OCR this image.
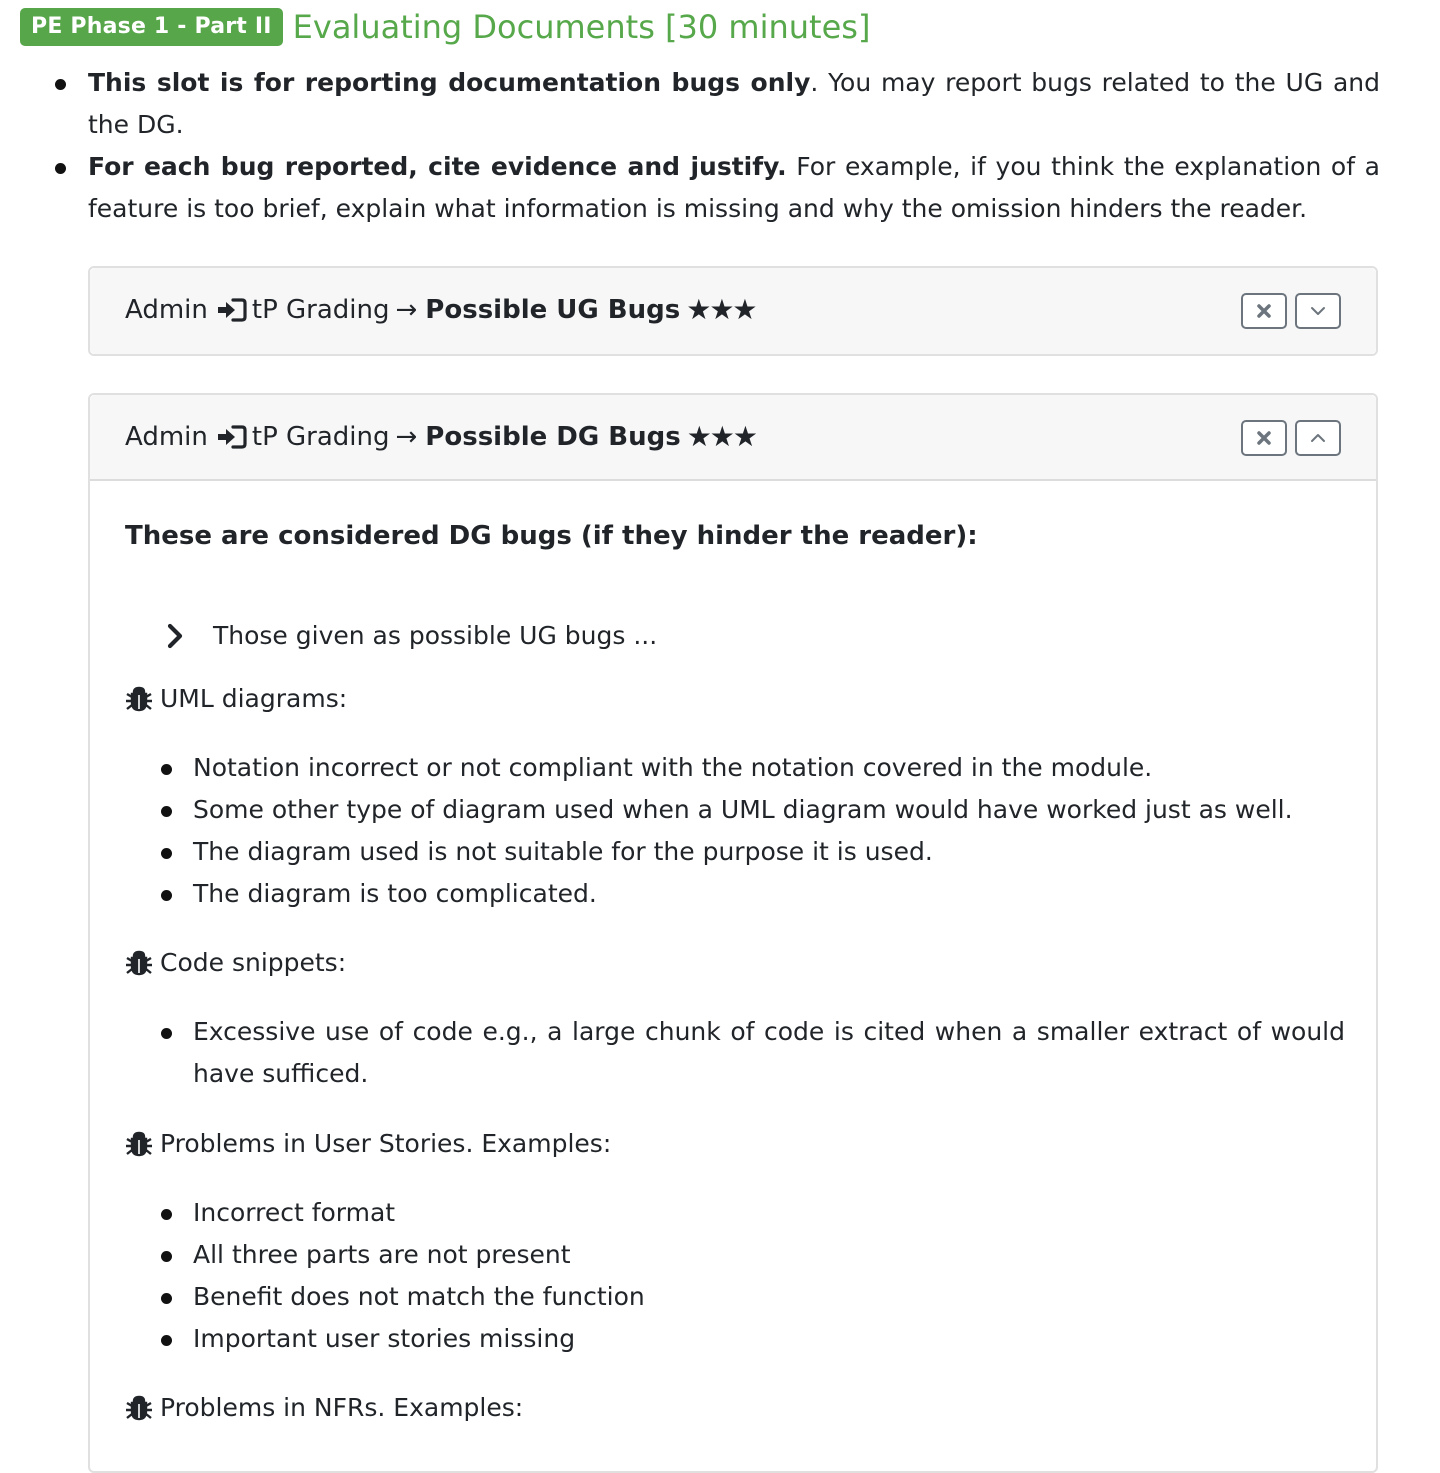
PE Phase 1 - Part II Evaluating Documents [30 minutes]
This slot is for reporting documentation bugs only. You may report bugs related to the UG and the DG.
For each bug reported, cite evidence and justify. For example, if you think the explanation of a feature is too brief, explain what information is missing and why the omission hinders the reader.
Admin tP Grading → Possible UG Bugs ★★★
Admin tP Grading → Possible DG Bugs ★★★
These are considered DG bugs (if they hinder the reader):
Those given as possible UG bugs ...
UML diagrams:
Notation incorrect or not compliant with the notation covered in the module.
Some other type of diagram used when a UML diagram would have worked just as well.
The diagram used is not suitable for the purpose it is used.
The diagram is too complicated.
Code snippets:
Excessive use of code e.g., a large chunk of code is cited when a smaller extract of would have sufficed.
Problems in User Stories. Examples:
Incorrect format
All three parts are not present
Benefit does not match the function
Important user stories missing
Problems in NFRs. Examples:
